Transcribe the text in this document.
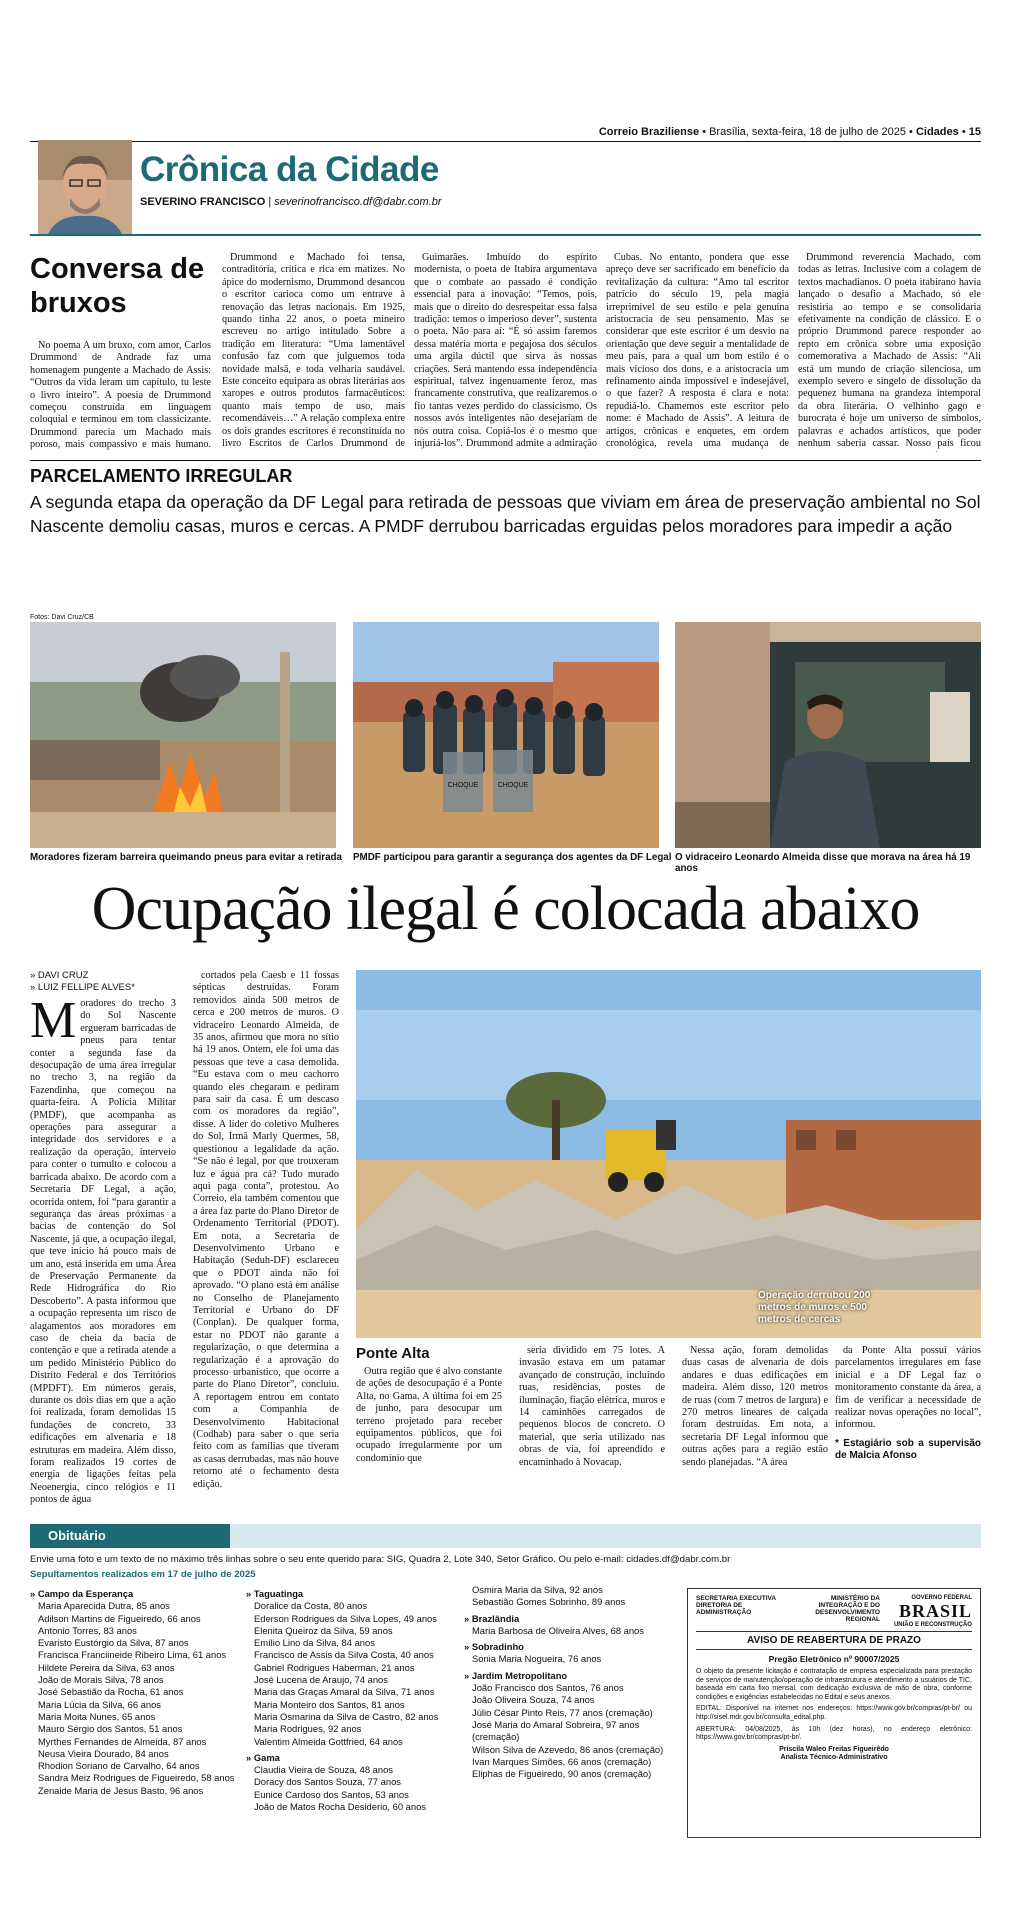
Correio Braziliense • Brasília, sexta-feira, 18 de julho de 2025 • Cidades • 15
Crônica da Cidade
SEVERINO FRANCISCO | severinofrancisco.df@dabr.com.br
Conversa de bruxos

No poema A um bruxo, com amor, Carlos Drummond de Andrade faz uma homenagem pungente a Machado de Assis: “Outros da vida leram um capítulo, tu leste o livro inteiro”. A poesia de Drummond começou construída em linguagem coloquial e terminou em tom classicizante. Drummond parecia um Machado mais poroso, mais compassivo e mais humano.

Drummond e Machado foi tensa, contraditória, crítica e rica em matizes. No ápice do modernismo, Drummond desancou o escritor carioca como um entrave à renovação das letras nacionais. Em 1925, quando tinha 22 anos, o poeta mineiro escreveu no artigo intitulado Sobre a tradição em literatura: “Uma lamentável confusão faz com que julguemos toda novidade malsã, e toda velharia saudável. Este conceito equipara as obras literárias aos xaropes e outros produtos farmacêuticos: quanto mais tempo de uso, mais recomendáveis…” A relação complexa entre os dois grandes escritores é reconstituída no livro Escritos de Carlos Drummond de

Guimarães. Imbuído do espírito modernista, o poeta de Itabira argumentava que o combate ao passado é condição essencial para a inovação: “Temos, pois, mais que o direito do desrespeitar essa falsa tradição: temos o imperioso dever”, sustenta o poeta. Não para aí: “É só assim faremos dessa matéria morta e pegajosa dos séculos uma argila dúctil que sirva às nossas criações. Será mantendo essa independência espiritual, talvez ingenuamente feroz, mas francamente construtiva, que realizaremos o fio tantas vezes perdido do classicismo. Os nossos avós inteligentes não desejariam de nós outra coisa. Copiá-los é o mesmo que injuriá-los”. Drummond admite a admiração

Cubas. No entanto, pondera que esse apreço deve ser sacrificado em benefício da revitalização da cultura: “Amo tal escritor patrício do século 19, pela magia irreprimível de seu estilo e pela genuína aristocracia de seu pensamento. Mas se considerar que este escritor é um desvio na orientação que deve seguir a mentalidade de meu país, para a qual um bom estilo é o mais vicioso dos dons, e a aristocracia um refinamento ainda impossível e indesejável, o que fazer? A resposta é clara e nota: repudiá-lo. Chamemos este escritor pelo nome: é Machado de Assis”. A leitura de artigos, crônicas e enquetes, em ordem cronológica, revela uma mudança de

Drummond reverencia Machado, com todas as letras. Inclusive com a colagem de textos machadianos. O poeta itabirano havia lançado o desafio a Machado, só ele resistiria ao tempo e se consolidaria efetivamente na condição de clássico. E o próprio Drummond parece responder ao repto em crônica sobre uma exposição comemorativa a Machado de Assis: “Ali está um mundo de criação silenciosa, um exemplo severo e singelo de dissolução da pequenez humana na grandeza intemporal da obra literária. O velhinho gago e burocrata é hoje um universo de símbolos, palavras e achados artísticos, que poder nenhum saberia cassar. Nosso país ficou

PARCELAMENTO IRREGULAR
A segunda etapa da operação da DF Legal para retirada de pessoas que viviam em área de preservação ambiental no Sol Nascente demoliu casas, muros e cercas. A PMDF derrubou barricadas erguidas pelos moradores para impedir a ação
Fotos: Davi Cruz/CB
CHOQUE	CHOQUE
Moradores fizeram barreira queimando pneus para evitar a retirada PMDF participou para garantir a segurança dos agentes da DF Legal O vidraceiro Leonardo Almeida disse que morava na área há 19 anos
Ocupação ilegal é colocada abaixo
» DAVI CRUZ
» LUIZ FELLIPE ALVES*
Moradores do trecho 3 do Sol Nascente ergueram barricadas de pneus para tentar conter a segunda fase da desocupação de uma área irregular no trecho 3, na região da Fazendinha, que começou na quarta-feira. A Polícia Militar (PMDF), que acompanha as operações para assegurar a integridade dos servidores e a realização da operação, interveio para conter o tumulto e colocou a barricada abaixo. De acordo com a Secretaria DF Legal, a ação, ocorrida ontem, foi “para garantir a segurança das áreas próximas a bacias de contenção do Sol Nascente, já que, a ocupação ilegal, que teve início há pouco mais de um ano, está inserida em uma Área de Preservação Permanente da Rede Hidrográfica do Rio Descoberto”. A pasta informou que a ocupação representa um risco de alagamentos aos moradores em caso de cheia da bacia de contenção e que a retirada atende a um pedido Ministério Público do Distrito Federal e dos Territórios (MPDFT). Em números gerais, durante os dois dias em que a ação foi realizada, foram demolidas 15 fundações de concreto, 33 edificações em alvenaria e 18 estruturas em madeira. Além disso, foram realizados 19 cortes de energia de ligações feitas pela Neoenergia, cinco relógios e 11 pontos de água

cortados pela Caesb e 11 fossas sépticas destruídas. Foram removidos ainda 500 metros de cerca e 200 metros de muros. O vidraceiro Leonardo Almeida, de 35 anos, afirmou que mora no sítio há 19 anos. Ontem, ele foi uma das pessoas que teve a casa demolida. “Eu estava com o meu cachorro quando eles chegaram e pediram para sair da casa. É um descaso com os moradores da região”, disse. A líder do coletivo Mulheres do Sol, Irmã Marly Quermes, 58, questionou a legalidade da ação. “Se não é legal, por que trouxeram luz e água pra cá? Tudo murado aqui paga conta”, protestou. Ao Correio, ela também comentou que a área faz parte do Plano Diretor de Ordenamento Territorial (PDOT). Em nota, a Secretaria de Desenvolvimento Urbano e Habitação (Seduh-DF) esclareceu que o PDOT ainda não foi aprovado. “O plano está em análise no Conselho de Planejamento Territorial e Urbano do DF (Conplan). De qualquer forma, estar no PDOT não garante a regularização, o que determina a regularização é a aprovação do processo urbanístico, que ocorre a parte do Plano Diretor”, concluiu. A reportagem entrou em contato com a Companhia de Desenvolvimento Habitacional (Codhab) para saber o que seria feito com as famílias que tiveram as casas derrubadas, mas não houve retorno até o fechamento desta edição.

Operação derrubou 200 metros de muros e 500 metros de cercas
Ponte Alta

Outra região que é alvo constante de ações de desocupação é a Ponte Alta, no Gama. A última foi em 25 de junho, para desocupar um terreno projetado para receber equipamentos públicos, que foi ocupado irregularmente por um condomínio que

seria dividido em 75 lotes. A invasão estava em um patamar avançado de construção, incluindo ruas, residências, postes de iluminação, fiação elétrica, muros e 14 caminhões carregados de pequenos blocos de concreto. O material, que seria utilizado nas obras de via, foi apreendido e encaminhado à Novacap.

Nessa ação, foram demolidas duas casas de alvenaria de dois andares e duas edificações em madeira. Além disso, 120 metros de ruas (com 7 metros de largura) e 270 metros lineares de calçada foram destruídas. Em nota, a secretaria DF Legal informou que outras ações para a região estão sendo planejadas. “A área

da Ponte Alta possui vários parcelamentos irregulares em fase inicial e a DF Legal faz o monitoramento constante da área, a fim de verificar a necessidade de realizar novas operações no local”, informou.

* Estagiário sob a supervisão de Malcia Afonso
Obituário
Envie uma foto e um texto de no máximo três linhas sobre o seu ente querido para: SIG, Quadra 2, Lote 340, Setor Gráfico. Ou pelo e-mail: cidades.df@dabr.com.br
Sepultamentos realizados em 17 de julho de 2025
» Campo da Esperança
Maria Aparecida Dutra, 85 anos
Adilson Martins de Figueiredo, 66 anos
Antonio Torres, 83 anos
Evaristo Eustórgio da Silva, 87 anos
Francisca Franciineide Ribeiro Lima, 61 anos
Hildete Pereira da Silva, 63 anos
João de Morais Silva, 78 anos
José Sebastião da Rocha, 61 anos
Maria Lúcia da Silva, 66 anos
Maria Moita Nunes, 65 anos
Mauro Sérgio dos Santos, 51 anos
Myrthes Fernandes de Almeida, 87 anos
Neusa Vieira Dourado, 84 anos
Rhodion Soriano de Carvalho, 64 anos
Sandra Meiz Rodrigues de Figueiredo, 58 anos
Zenaide Maria de Jesus Basto, 96 anos
» Taguatinga
Doralice da Costa, 80 anos
Ederson Rodrigues da Silva Lopes, 49 anos
Elenita Queiroz da Silva, 59 anos
Emílio Lino da Silva, 84 anos
Francisco de Assis da Silva Costa, 40 anos
Gabriel Rodrigues Haberman, 21 anos
José Lucena de Araujo, 74 anos
Maria das Graças Amaral da Silva, 71 anos
Maria Monteiro dos Santos, 81 anos
Maria Osmarina da Silva de Castro, 82 anos
Maria Rodrigues, 92 anos
Valentim Almeida Gottfried, 64 anos
» Gama
Claudia Vieira de Souza, 48 anos
Doracy dos Santos Souza, 77 anos
Eunice Cardoso dos Santos, 53 anos
João de Matos Rocha Desiderio, 60 anos
Osmira Maria da Silva, 92 anos
Sebastião Gomes Sobrinho, 89 anos
» Brazlândia
Maria Barbosa de Oliveira Alves, 68 anos
» Sobradinho
Sonia Maria Nogueira, 76 anos
» Jardim Metropolitano
João Francisco dos Santos, 76 anos
João Oliveira Souza, 74 anos
Júlio César Pinto Reis, 77 anos (cremação)
José Maria do Amaral Sobreira, 97 anos (cremação)
Wilson Silva de Azevedo, 86 anos (cremação)
Ivan Marques Simões, 66 anos (cremação)
Eliphas de Figueiredo, 90 anos (cremação)
SECRETARIA EXECUTIVA DIRETORIA DE ADMINISTRAÇÃO
MINISTÉRIO DA INTEGRAÇÃO E DO DESENVOLVIMENTO REGIONAL
GOVERNO FEDERAL
BRASIL
UNIÃO E RECONSTRUÇÃO
AVISO DE REABERTURA DE PRAZO
Pregão Eletrônico nº 90007/2025

O objeto da presente licitação é contratação de empresa especializada para prestação de serviços de manutenção/operação de infraestrutura e atendimento a usuários de TIC, baseada em carta fixo mensal, com dedicação exclusiva de mão de obra, conforme condições e exigências estabelecidas no Edital e seus anexos.

EDITAL: Disponível na internet nos endereços: https://www.gov.br/compras/pt-br/ ou http://sisel.mdr.gov.br/consulta_edital.php.

ABERTURA: 04/08/2025, às 10h (dez horas), no endereço eletrônico: https://www.gov.br/compras/pt-br/.

Priscila Waleo Freitas Figueirêdo
Analista Técnico-Administrativo
